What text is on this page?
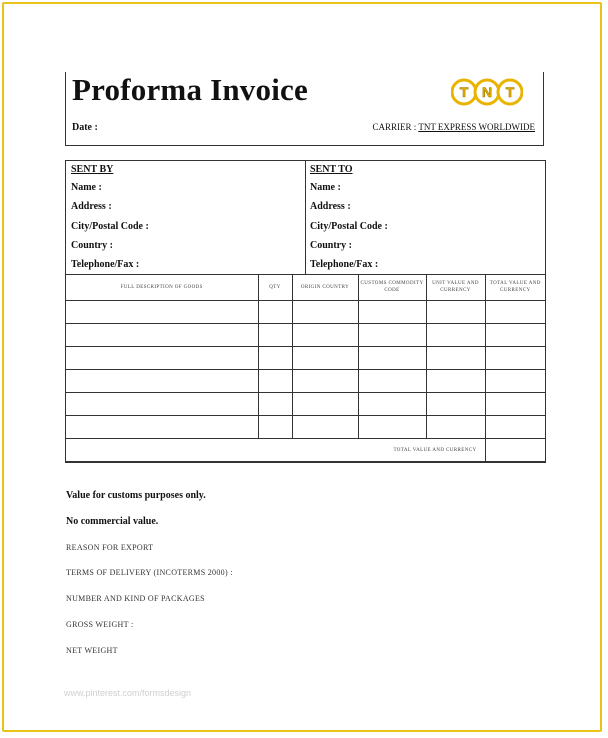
Proforma Invoice	T N T
Date :	CARRIER : TNT EXPRESS WORLDWIDE
SENT BY
Name :
Address :
City/Postal Code :
Country :
Telephone/Fax :
SENT TO
Name :
Address :
City/Postal Code :
Country :
Telephone/Fax :
FULL DESCRIPTION OF GOODS	QTY	ORIGIN COUNTRY	CUSTOMS COMMODITY CODE	UNIT VALUE AND CURRENCY	TOTAL VALUE AND CURRENCY

TOTAL VALUE AND CURRENCY					
Value for customs purposes only.
No commercial value.
REASON FOR EXPORT
TERMS OF DELIVERY (INCOTERMS 2000) :
NUMBER AND KIND OF PACKAGES
GROSS WEIGHT :
NET WEIGHT
www.pinterest.com/formsdesign
